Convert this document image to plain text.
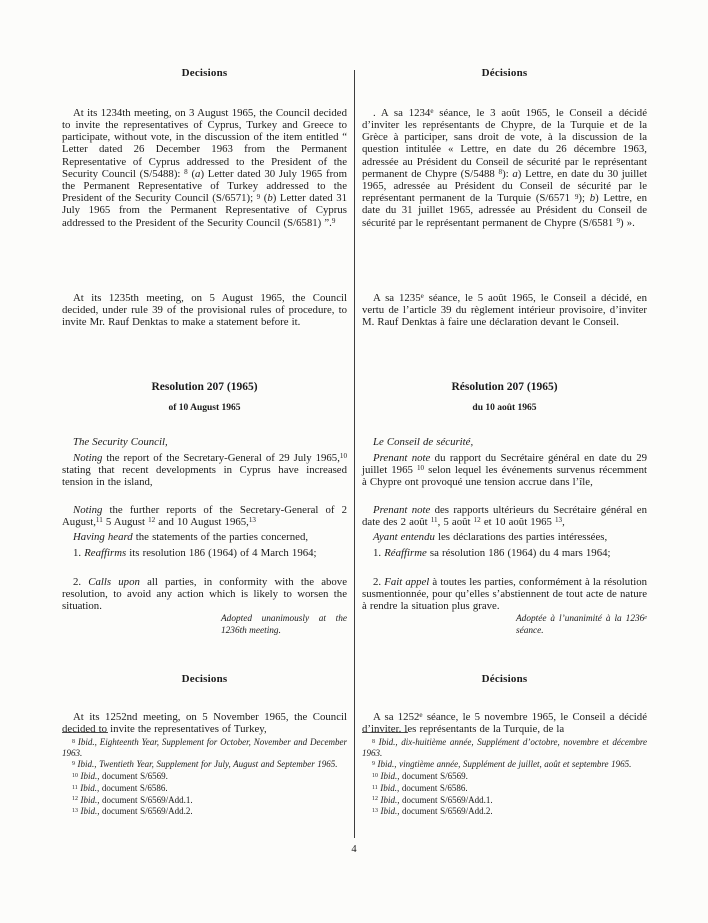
Decisions

At its 1234th meeting, on 3 August 1965, the Council decided to invite the representatives of Cyprus, Turkey and Greece to participate, without vote, in the discussion of the item entitled “ Letter dated 26 December 1963 from the Permanent Representative of Cyprus addressed to the President of the Security Council (S/5488): $^8$ (a) Letter dated 30 July 1965 from the Permanent Representative of Turkey addressed to the President of the Security Council (S/6571); $^9$ (b) Letter dated 31 July 1965 from the Permanent Representative of Cyprus addressed to the President of the Security Council (S/6581) ”.$^9$

At its 1235th meeting, on 5 August 1965, the Council decided, under rule 39 of the provisional rules of procedure, to invite Mr. Rauf Denktas to make a statement before it.

Resolution 207 (1965)
of 10 August 1965

The Security Council,

Noting the report of the Secretary-General of 29 July 1965,10 stating that recent developments in Cyprus have increased tension in the island,

Noting the further reports of the Secretary-General of 2 August,$^{11}$ 5 August $^{12}$ and 10 August 1965,13

Having heard the statements of the parties concerned,

1. Reaffirms its resolution 186 (1964) of 4 March 1964;

2. Calls upon all parties, in conformity with the above resolution, to avoid any action which is likely to worsen the situation.

Adopted unanimously at the 1236th meeting.

Decisions

At its 1252nd meeting, on 5 November 1965, the Council decided to invite the representatives of Turkey,

$^8$ Ibid., Eighteenth Year, Supplement for October, November and December 1963.

$^9$ Ibid., Twentieth Year, Supplement for July, August and September 1965.

$^{10}$ Ibid., document S/6569.

$^{11}$ Ibid., document S/6586.

$^{12}$ Ibid., document S/6569/Add.1.

$^{13}$ Ibid., document S/6569/Add.2.

Décisions

. A sa 1234e séance, le 3 août 1965, le Conseil a décidé d’inviter les représentants de Chypre, de la Turquie et de la Grèce à participer, sans droit de vote, à la discussion de la question intitulée « Lettre, en date du 26 décembre 1963, adressée au Président du Conseil de sécurité par le représentant permanent de Chypre (S/5488 $^8$): a) Lettre, en date du 30 juillet 1965, adressée au Président du Conseil de sécurité par le représentant permanent de la Turquie (S/6571 $^9$); b) Lettre, en date du 31 juillet 1965, adressée au Président du Conseil de sécurité par le représentant permanent de Chypre (S/6581 $^9$) ».

A sa 1235e séance, le 5 août 1965, le Conseil a décidé, en vertu de l’article 39 du règlement intérieur provisoire, d’inviter M. Rauf Denktas à faire une déclaration devant le Conseil.

Résolution 207 (1965)
du 10 août 1965

Le Conseil de sécurité,

Prenant note du rapport du Secrétaire général en date du 29 juillet 1965 $^{10}$ selon lequel les événements survenus récemment à Chypre ont provoqué une tension accrue dans l’île,

Prenant note des rapports ultérieurs du Secrétaire général en date des 2 août $^{11}$, 5 août $^{12}$ et 10 août 1965 $^{13}$,

Ayant entendu les déclarations des parties intéressées,

1. Réaffirme sa résolution 186 (1964) du 4 mars 1964;

2. Fait appel à toutes les parties, conformément à la résolution susmentionnée, pour qu’elles s’abstiennent de tout acte de nature à rendre la situation plus grave.

Adoptée à l’unanimité à la 1236e séance.

Décisions

A sa 1252e séance, le 5 novembre 1965, le Conseil a décidé d’inviter. les représentants de la Turquie, de la

$^8$ Ibid., dix-huitième année, Supplément d’octobre, novembre et décembre 1963.

$^9$ Ibid., vingtième année, Supplément de juillet, août et septembre 1965.

$^{10}$ Ibid., document S/6569.

$^{11}$ Ibid., document S/6586.

$^{12}$ Ibid., document S/6569/Add.1.

$^{13}$ Ibid., document S/6569/Add.2.

4
